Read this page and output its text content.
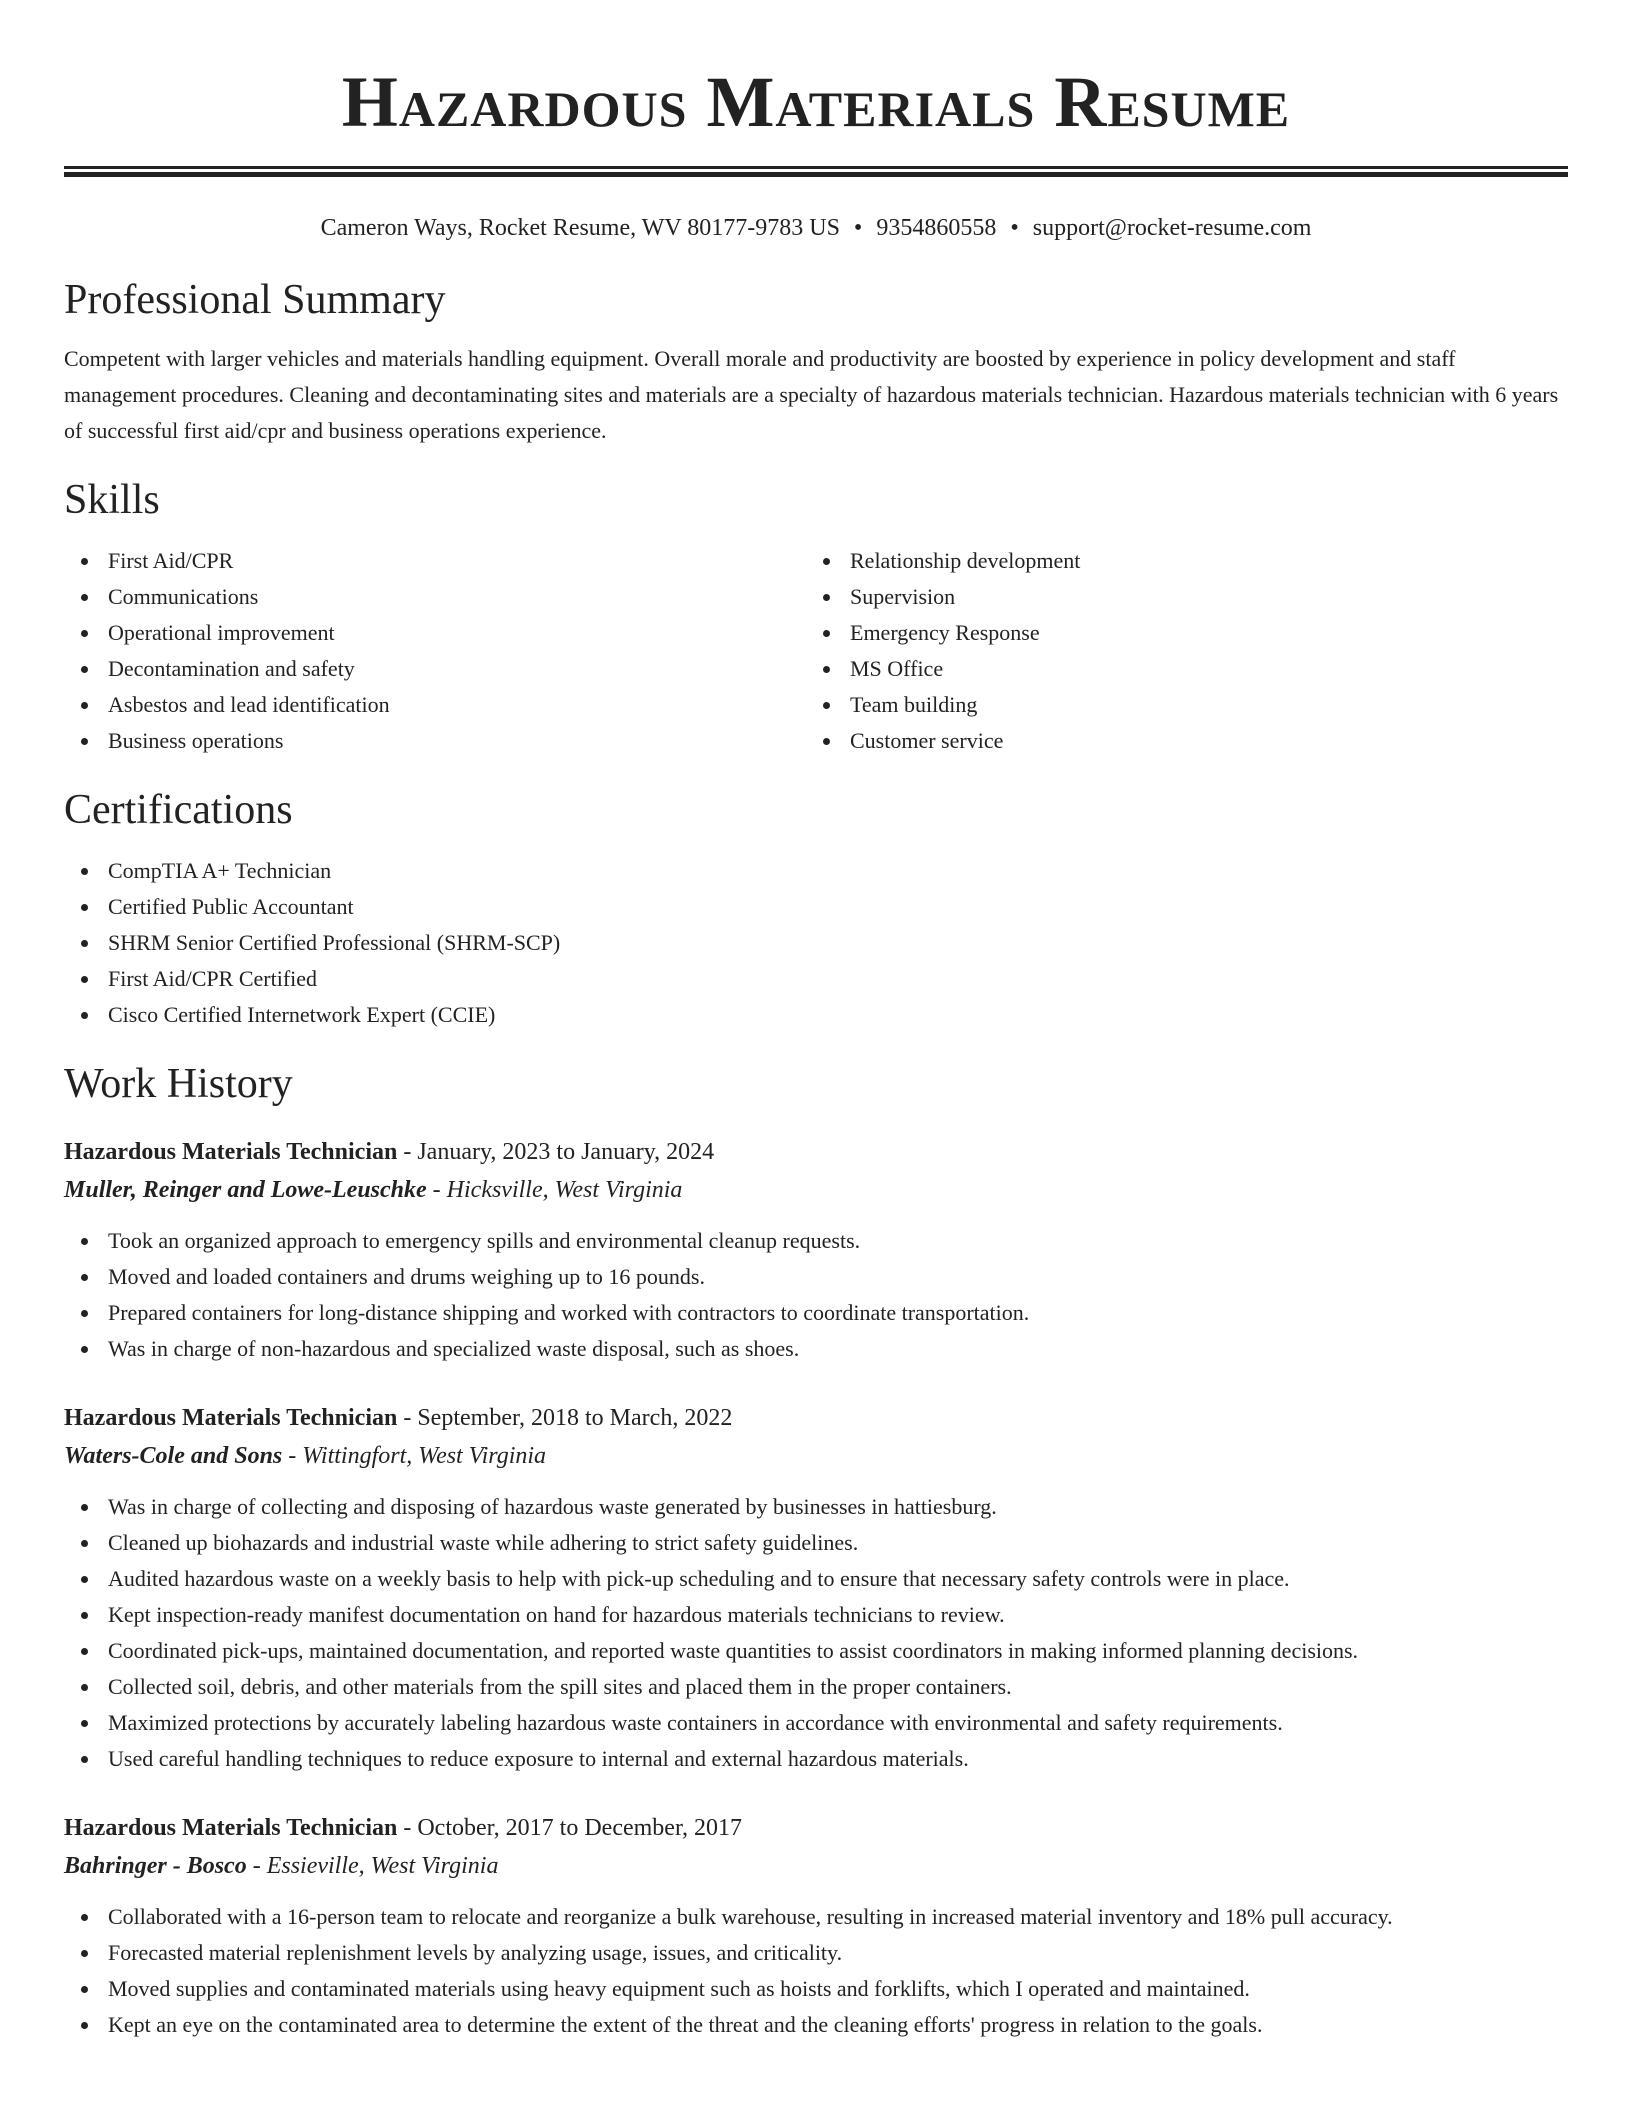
Hazardous Materials Resume
Cameron Ways, Rocket Resume, WV 80177-9783 US • 9354860558 • support@rocket-resume.com
Professional Summary

Competent with larger vehicles and materials handling equipment. Overall morale and productivity are boosted by experience in policy development and staff management procedures. Cleaning and decontaminating sites and materials are a specialty of hazardous materials technician. Hazardous materials technician with 6 years of successful first aid/cpr and business operations experience.

Skills
First Aid/CPR
Communications
Operational improvement
Decontamination and safety
Asbestos and lead identification
Business operations
Relationship development
Supervision
Emergency Response
MS Office
Team building
Customer service
Certifications
CompTIA A+ Technician
Certified Public Accountant
SHRM Senior Certified Professional (SHRM-SCP)
First Aid/CPR Certified
Cisco Certified Internetwork Expert (CCIE)
Work History
Hazardous Materials Technician - January, 2023 to January, 2024
Muller, Reinger and Lowe-Leuschke - Hicksville, West Virginia
Took an organized approach to emergency spills and environmental cleanup requests.
Moved and loaded containers and drums weighing up to 16 pounds.
Prepared containers for long-distance shipping and worked with contractors to coordinate transportation.
Was in charge of non-hazardous and specialized waste disposal, such as shoes.
Hazardous Materials Technician - September, 2018 to March, 2022
Waters-Cole and Sons - Wittingfort, West Virginia
Was in charge of collecting and disposing of hazardous waste generated by businesses in hattiesburg.
Cleaned up biohazards and industrial waste while adhering to strict safety guidelines.
Audited hazardous waste on a weekly basis to help with pick-up scheduling and to ensure that necessary safety controls were in place.
Kept inspection-ready manifest documentation on hand for hazardous materials technicians to review.
Coordinated pick-ups, maintained documentation, and reported waste quantities to assist coordinators in making informed planning decisions.
Collected soil, debris, and other materials from the spill sites and placed them in the proper containers.
Maximized protections by accurately labeling hazardous waste containers in accordance with environmental and safety requirements.
Used careful handling techniques to reduce exposure to internal and external hazardous materials.
Hazardous Materials Technician - October, 2017 to December, 2017
Bahringer - Bosco - Essieville, West Virginia
Collaborated with a 16-person team to relocate and reorganize a bulk warehouse, resulting in increased material inventory and 18% pull accuracy.
Forecasted material replenishment levels by analyzing usage, issues, and criticality.
Moved supplies and contaminated materials using heavy equipment such as hoists and forklifts, which I operated and maintained.
Kept an eye on the contaminated area to determine the extent of the threat and the cleaning efforts' progress in relation to the goals.
